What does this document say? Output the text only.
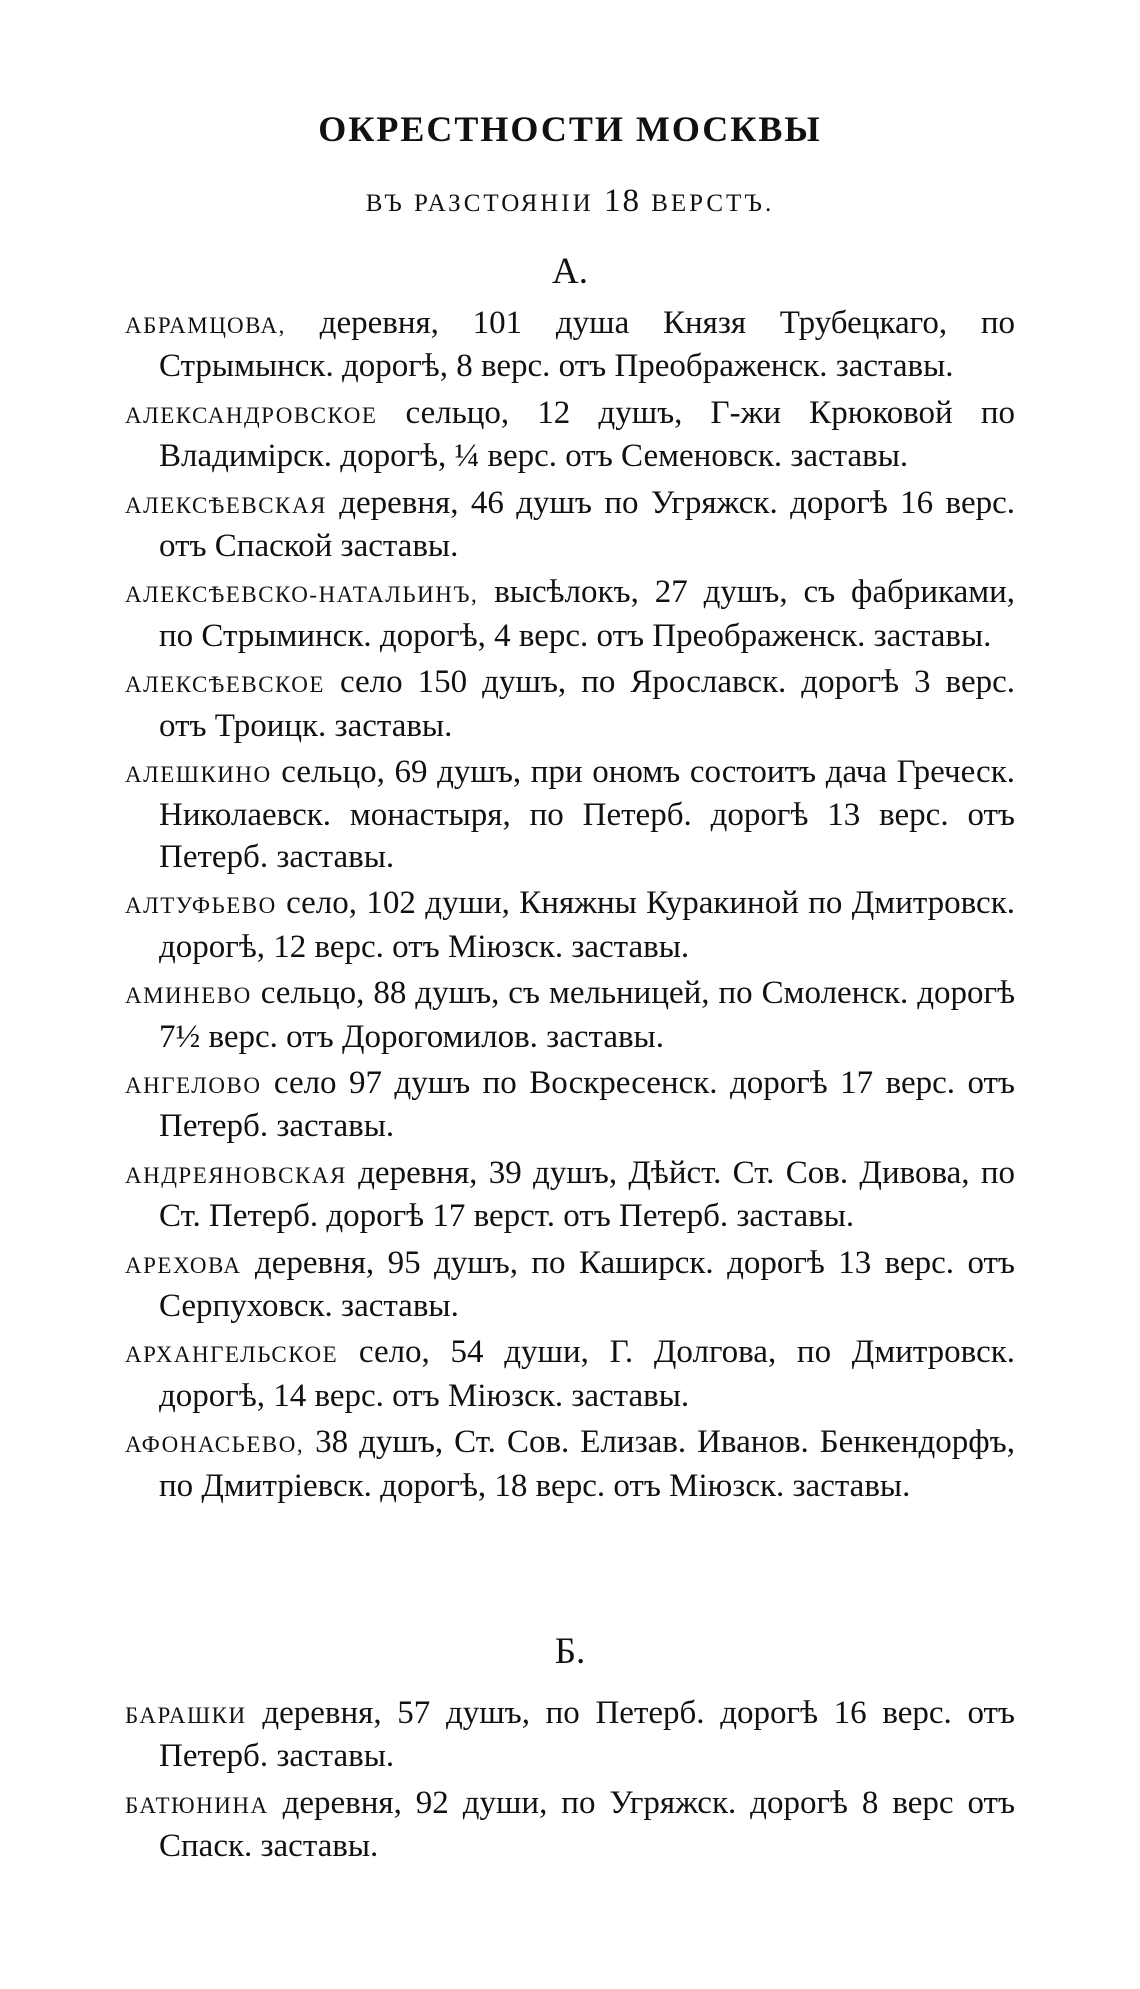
ОКРЕСТНОСТИ МОСКВЫ
ВЪ РАЗСТОЯНІИ 18 ВЕРСТЪ.
А.

АБРАМЦОВА, деревня, 101 душа Князя Трубецкаго, по Стрымынск. дорогѣ, 8 верс. отъ Преображенск. заставы.

АЛЕКСАНДРОВСКОЕ сельцо, 12 душъ, Г-жи Крюковой по Владимірск. дорогѣ, ¼ верс. отъ Семеновск. заставы.

АЛЕКСѢЕВСКАЯ деревня, 46 душъ по Угряжск. дорогѣ 16 верс. отъ Спаской заставы.

АЛЕКСѢЕВСКО-НАТАЛЬИНЪ, высѣлокъ, 27 душъ, съ фабриками, по Стрыминск. дорогѣ, 4 верс. отъ Преображенск. заставы.

АЛЕКСѢЕВСКОЕ село 150 душъ, по Ярославск. дорогѣ 3 верс. отъ Троицк. заставы.

АЛЕШКИНО сельцо, 69 душъ, при ономъ состоитъ дача Греческ. Николаевск. монастыря, по Петерб. дорогѣ 13 верс. отъ Петерб. заставы.

АЛТУФЬЕВО село, 102 души, Княжны Куракиной по Дмитровск. дорогѣ, 12 верс. отъ Міюзск. заставы.

АМИНЕВО сельцо, 88 душъ, съ мельницей, по Смоленск. дорогѣ 7½ верс. отъ Дорогомилов. заставы.

АНГЕЛОВО село 97 душъ по Воскресенск. дорогѣ 17 верс. отъ Петерб. заставы.

АНДРЕЯНОВСКАЯ деревня, 39 душъ, Дѣйст. Ст. Сов. Дивова, по Ст. Петерб. дорогѣ 17 верст. отъ Петерб. заставы.

АРЕХОВА деревня, 95 душъ, по Каширск. дорогѣ 13 верс. отъ Серпуховск. заставы.

АРХАНГЕЛЬСКОЕ село, 54 души, Г. Долгова, по Дмитровск. дорогѣ, 14 верс. отъ Міюзск. заставы.

АФОНАСЬЕВО, 38 душъ, Ст. Сов. Елизав. Иванов. Бенкендорфъ, по Дмитріевск. дорогѣ, 18 верс. отъ Міюзск. заставы.

Б.

БАРАШКИ деревня, 57 душъ, по Петерб. дорогѣ 16 верс. отъ Петерб. заставы.

БАТЮНИНА деревня, 92 души, по Угряжск. дорогѣ 8 верс отъ Спаск. заставы.
